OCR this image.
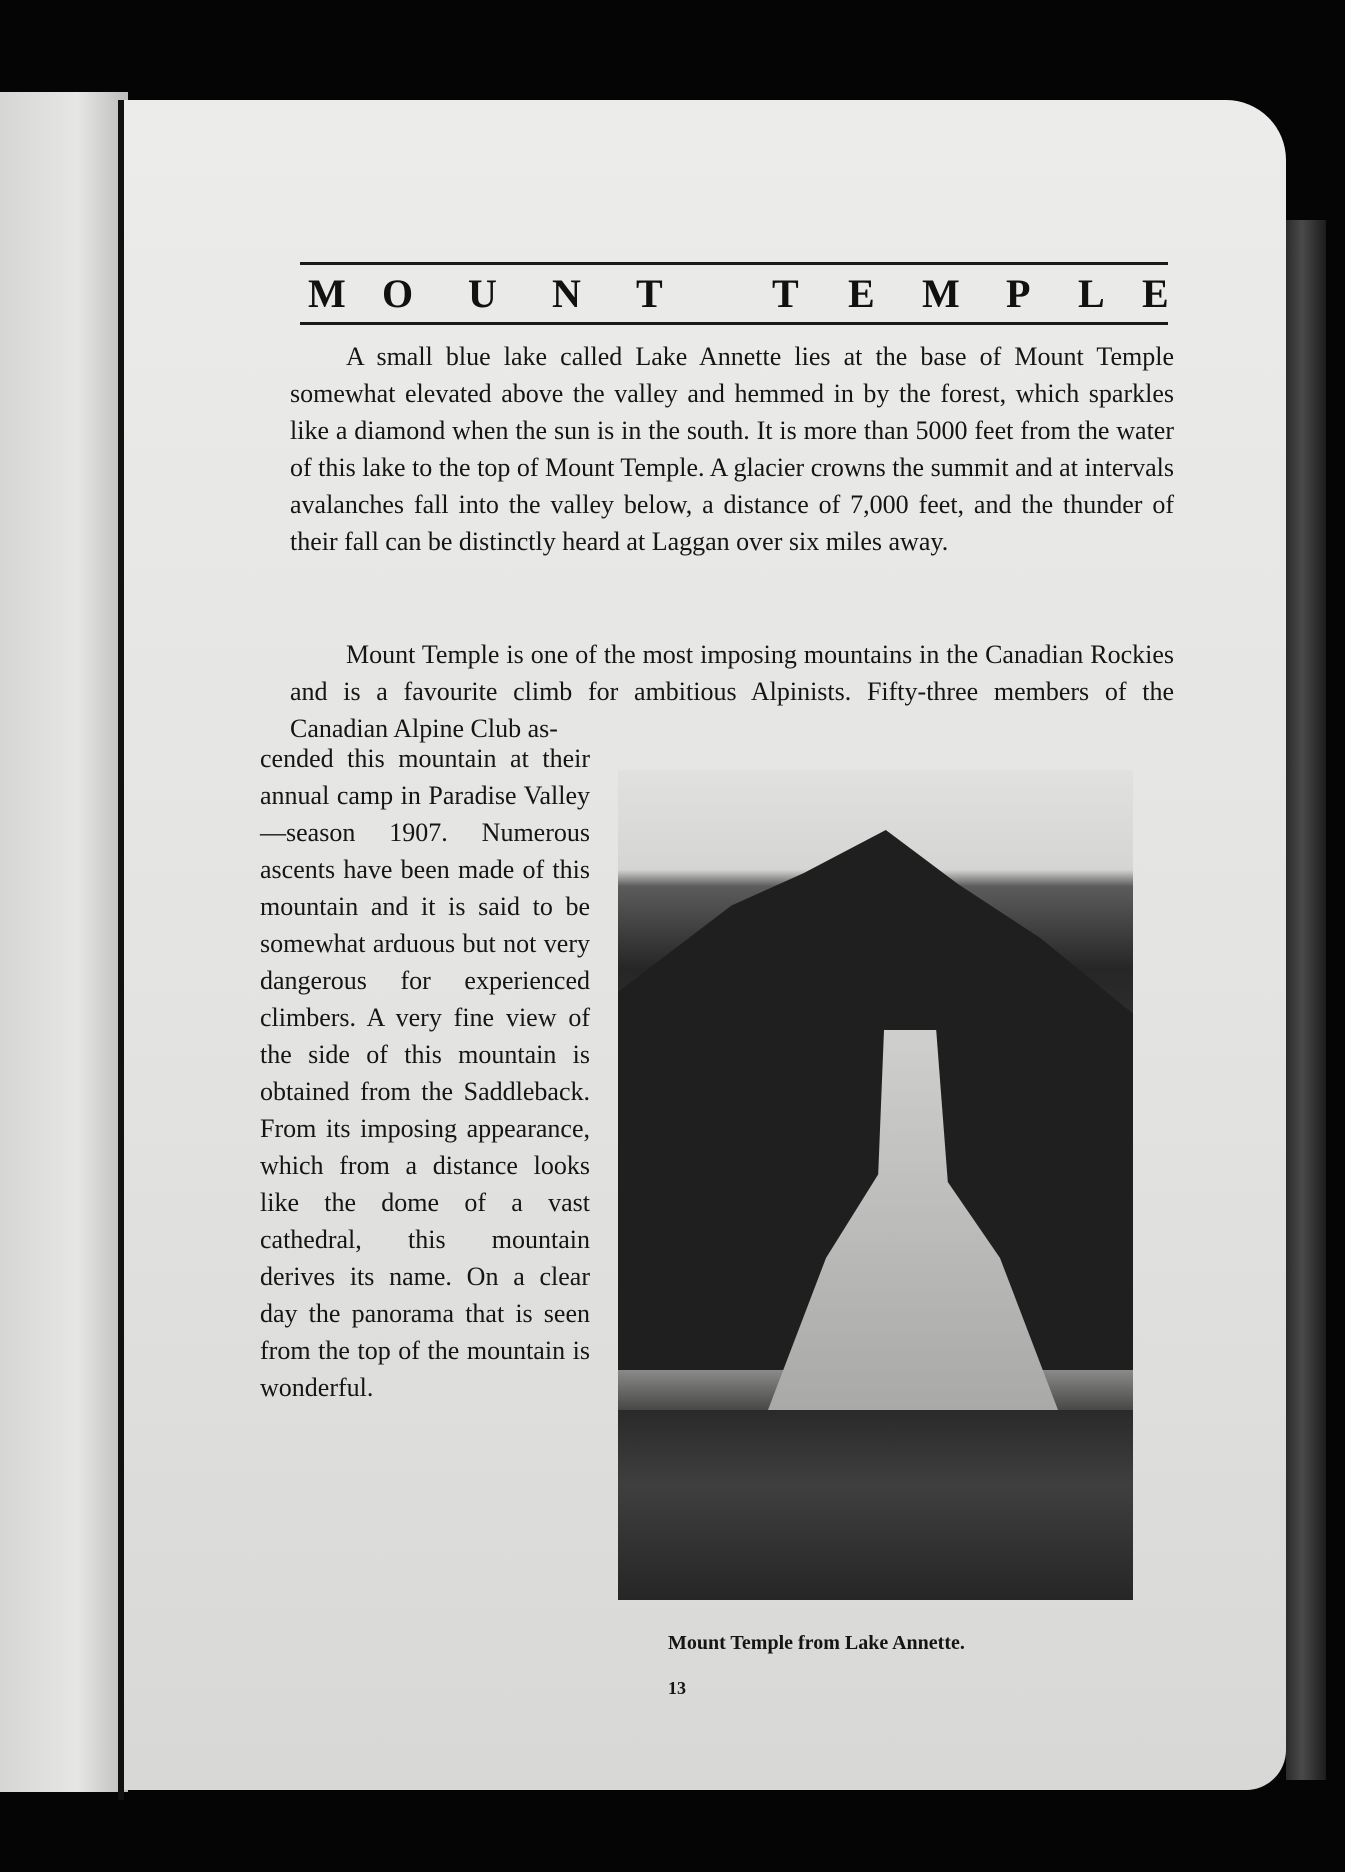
M O U N T	T E M P L E

A small blue lake called Lake Annette lies at the base of Mount Temple somewhat elevated above the valley and hemmed in by the forest, which sparkles like a diamond when the sun is in the south. It is more than 5000 feet from the water of this lake to the top of Mount Temple. A glacier crowns the summit and at intervals avalanches fall into the valley below, a distance of 7,000 feet, and the thunder of their fall can be distinctly heard at Laggan over six miles away.

Mount Temple is one of the most imposing mountains in the Canadian Rockies and is a favourite climb for ambitious Alpinists. Fifty-three members of the Canadian Alpine Club as-

cended this mountain at their annual camp in Paradise Valley—season 1907. Numerous ascents have been made of this mountain and it is said to be somewhat arduous but not very dangerous for experienced climbers. A very fine view of the side of this mountain is obtained from the Saddleback. From its imposing appearance, which from a distance looks like the dome of a vast cathedral, this mountain derives its name. On a clear day the panorama that is seen from the top of the mountain is wonderful.

Mount Temple from Lake Annette.

13
